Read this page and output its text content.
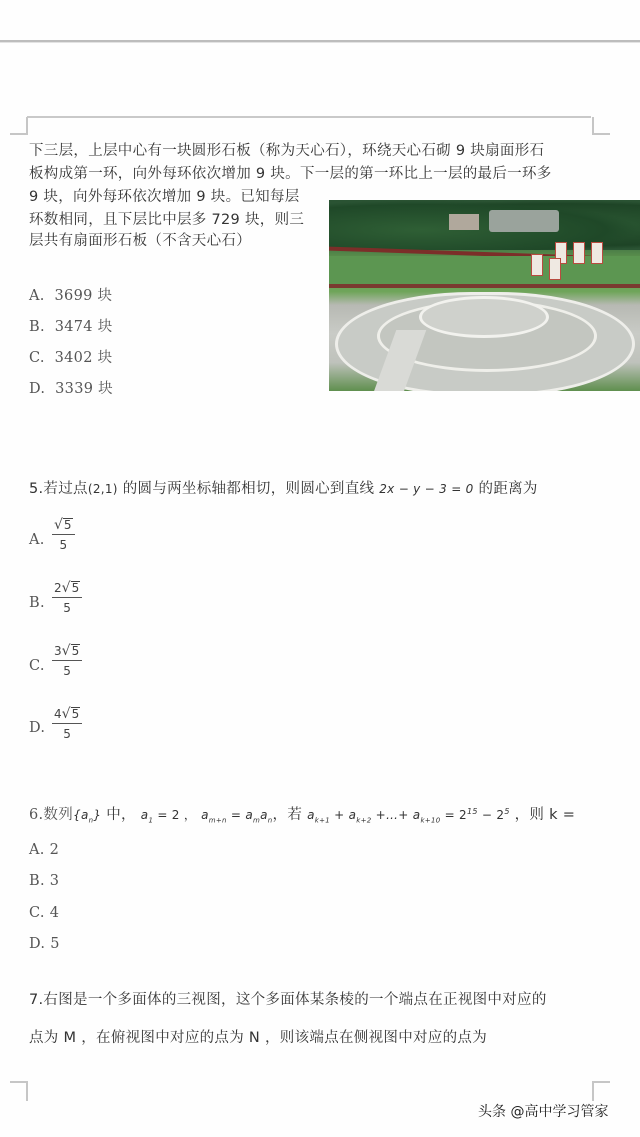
下三层，上层中心有一块圆形石板（称为天心石），环绕天心石砌 9 块扇面形石
板构成第一环，向外每环依次增加 9 块。下一层的第一环比上一层的最后一环多
9 块，向外每环依次增加 9 块。已知每层
环数相同，且下层比中层多 729 块，则三
层共有扇面形石板（不含天心石）
A. 3699 块
B. 3474 块
C. 3402 块
D. 3339 块
5.若过点(2,1) 的圆与两坐标轴都相切，则圆心到直线 2x − y − 3 = 0 的距离为
A. $\frac{√ 5}{5}$
B. $\frac{2 √ 5}{5}$
C. $\frac{3 √ 5}{5}$
D. $\frac{4 √ 5}{5}$
6.数列$\{a_n\}$ 中， $a_1 = 2$ ， $a_{m+n} = a_ma_n$，若 $a_{k+1} + a_{k+2}$ +…+ $a_{k+10} = 2^{15} - 2^5$ ，则 k =
A. 2
B. 3
C. 4
D. 5
7.右图是一个多面体的三视图，这个多面体某条棱的一个端点在正视图中对应的
点为 M ，在俯视图中对应的点为 N ，则该端点在侧视图中对应的点为
头条 @高中学习管家
